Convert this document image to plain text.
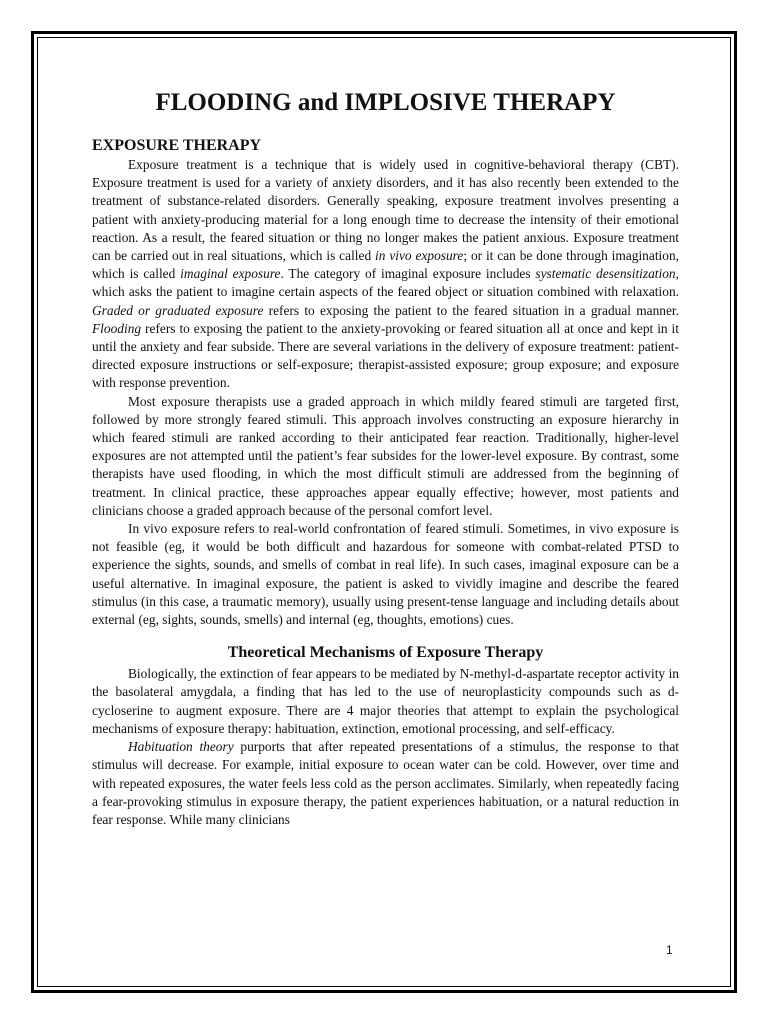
FLOODING and IMPLOSIVE THERAPY
EXPOSURE THERAPY

Exposure treatment is a technique that is widely used in cognitive-behavioral therapy (CBT). Exposure treatment is used for a variety of anxiety disorders, and it has also recently been extended to the treatment of substance-related disorders. Generally speaking, exposure treatment involves presenting a patient with anxiety-producing material for a long enough time to decrease the intensity of their emotional reaction. As a result, the feared situation or thing no longer makes the patient anxious. Exposure treatment can be carried out in real situations, which is called in vivo exposure; or it can be done through imagination, which is called imaginal exposure. The category of imaginal exposure includes systematic desensitization, which asks the patient to imagine certain aspects of the feared object or situation combined with relaxation. Graded or graduated exposure refers to exposing the patient to the feared situation in a gradual manner. Flooding refers to exposing the patient to the anxiety-provoking or feared situation all at once and kept in it until the anxiety and fear subside. There are several variations in the delivery of exposure treatment: patient-directed exposure instructions or self-exposure; therapist-assisted exposure; group exposure; and exposure with response prevention.

Most exposure therapists use a graded approach in which mildly feared stimuli are targeted first, followed by more strongly feared stimuli. This approach involves constructing an exposure hierarchy in which feared stimuli are ranked according to their anticipated fear reaction. Traditionally, higher-level exposures are not attempted until the patient’s fear subsides for the lower-level exposure. By contrast, some therapists have used flooding, in which the most difficult stimuli are addressed from the beginning of treatment. In clinical practice, these approaches appear equally effective; however, most patients and clinicians choose a graded approach because of the personal comfort level.

In vivo exposure refers to real-world confrontation of feared stimuli. Sometimes, in vivo exposure is not feasible (eg, it would be both difficult and hazardous for someone with combat-related PTSD to experience the sights, sounds, and smells of combat in real life). In such cases, imaginal exposure can be a useful alternative. In imaginal exposure, the patient is asked to vividly imagine and describe the feared stimulus (in this case, a traumatic memory), usually using present-tense language and including details about external (eg, sights, sounds, smells) and internal (eg, thoughts, emotions) cues.

Theoretical Mechanisms of Exposure Therapy

Biologically, the extinction of fear appears to be mediated by N-methyl-d-aspartate receptor activity in the basolateral amygdala, a finding that has led to the use of neuroplasticity compounds such as d-cycloserine to augment exposure. There are 4 major theories that attempt to explain the psychological mechanisms of exposure therapy: habituation, extinction, emotional processing, and self-efficacy.

Habituation theory purports that after repeated presentations of a stimulus, the response to that stimulus will decrease. For example, initial exposure to ocean water can be cold. However, over time and with repeated exposures, the water feels less cold as the person acclimates. Similarly, when repeatedly facing a fear-provoking stimulus in exposure therapy, the patient experiences habituation, or a natural reduction in fear response. While many clinicians

1
